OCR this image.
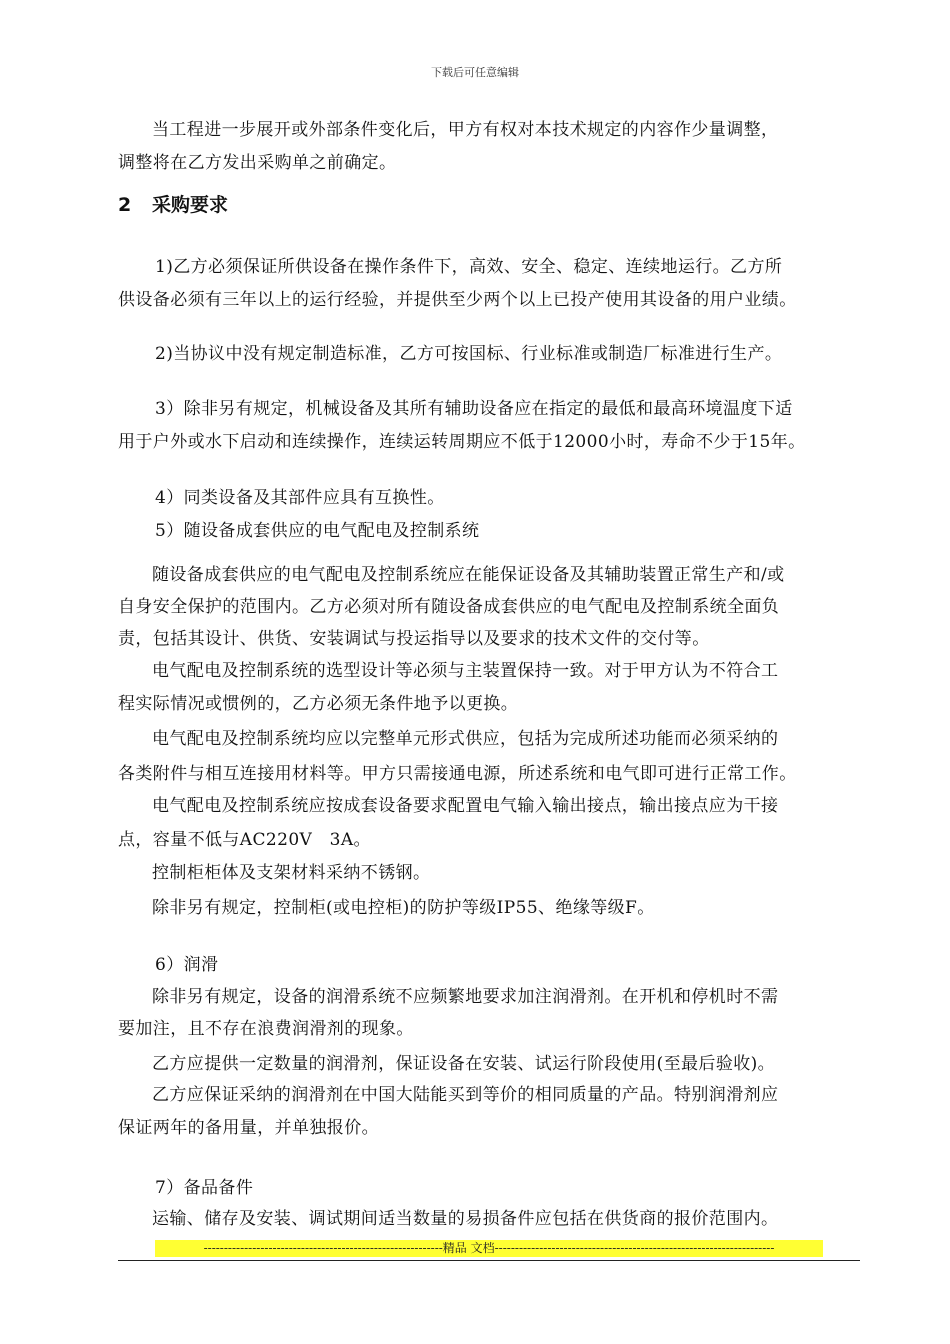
下载后可任意编辑
当工程进一步展开或外部条件变化后，甲方有权对本技术规定的内容作少量调整，
调整将在乙方发出采购单之前确定。
2 采购要求
1)乙方必须保证所供设备在操作条件下，高效、安全、稳定、连续地运行。乙方所
供设备必须有三年以上的运行经验，并提供至少两个以上已投产使用其设备的用户业绩。
2)当协议中没有规定制造标准，乙方可按国标、行业标准或制造厂标准进行生产。
3）除非另有规定，机械设备及其所有辅助设备应在指定的最低和最高环境温度下适
用于户外或水下启动和连续操作，连续运转周期应不低于12000小时，寿命不少于15年。
4）同类设备及其部件应具有互换性。
5）随设备成套供应的电气配电及控制系统
随设备成套供应的电气配电及控制系统应在能保证设备及其辅助装置正常生产和/或
自身安全保护的范围内。乙方必须对所有随设备成套供应的电气配电及控制系统全面负
责，包括其设计、供货、安装调试与投运指导以及要求的技术文件的交付等。
电气配电及控制系统的选型设计等必须与主装置保持一致。对于甲方认为不符合工
程实际情况或惯例的，乙方必须无条件地予以更换。
电气配电及控制系统均应以完整单元形式供应，包括为完成所述功能而必须采纳的
各类附件与相互连接用材料等。甲方只需接通电源，所述系统和电气即可进行正常工作。
电气配电及控制系统应按成套设备要求配置电气输入输出接点，输出接点应为干接
点，容量不低与AC220V　3A。
控制柜柜体及支架材料采纳不锈钢。
除非另有规定，控制柜(或电控柜)的防护等级IP55、绝缘等级F。
6）润滑
除非另有规定，设备的润滑系统不应频繁地要求加注润滑剂。在开机和停机时不需
要加注，且不存在浪费润滑剂的现象。
乙方应提供一定数量的润滑剂，保证设备在安装、试运行阶段使用(至最后验收)。
乙方应保证采纳的润滑剂在中国大陆能买到等价的相同质量的产品。特别润滑剂应
保证两年的备用量，并单独报价。
7）备品备件
运输、储存及安装、调试期间适当数量的易损备件应包括在供货商的报价范围内。
-----------------------------------------------------------精品 文档---------------------------------------------------------------------
